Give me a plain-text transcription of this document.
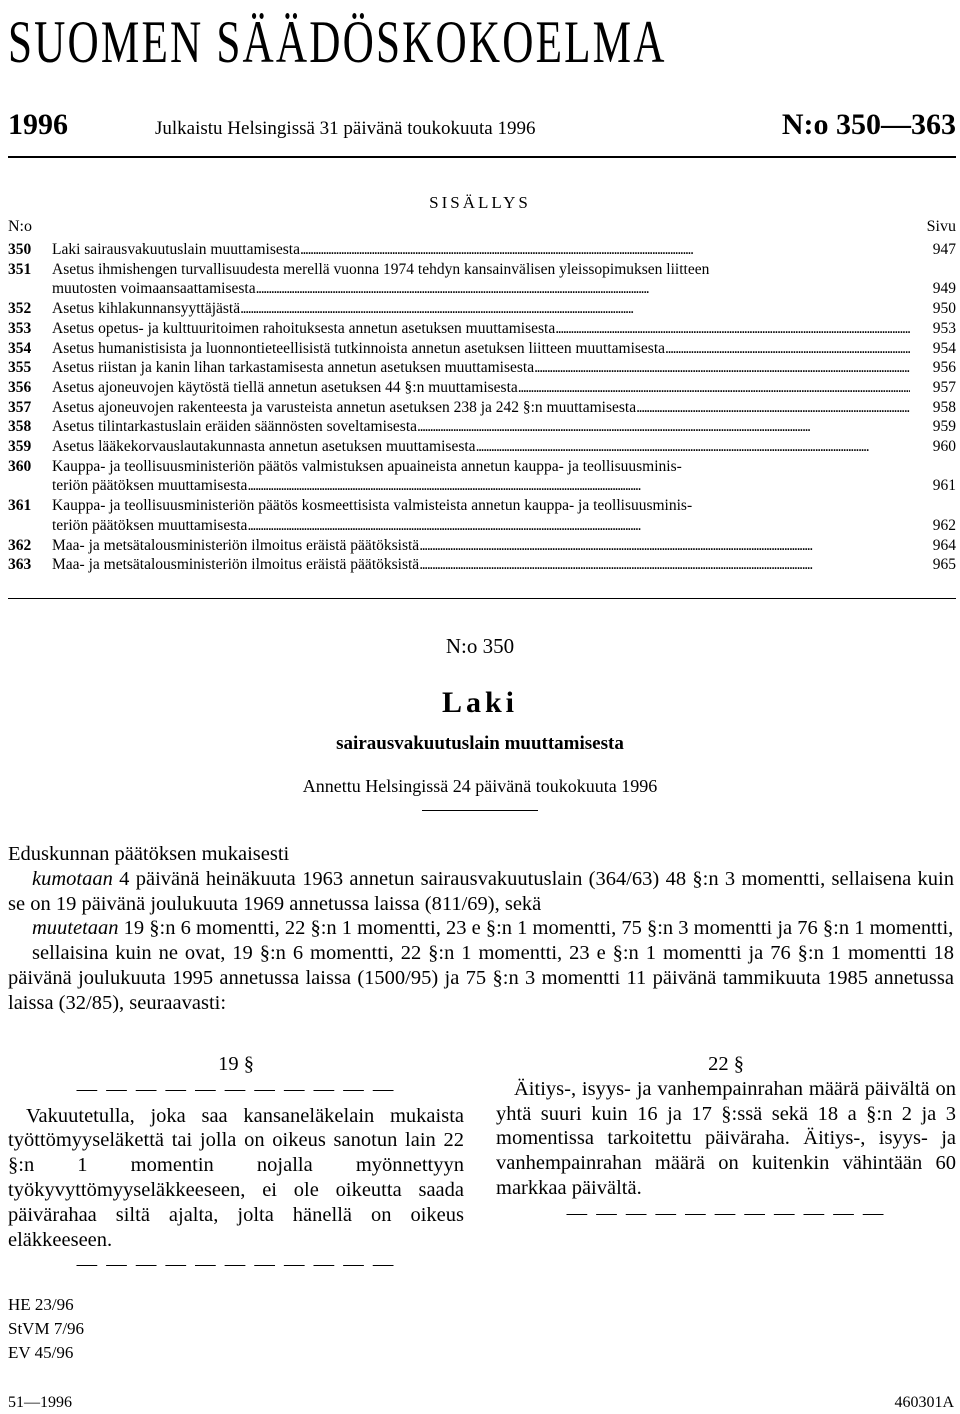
SUOMEN SÄÄDÖSKOKOELMA
1996	Julkaistu Helsingissä 31 päivänä toukokuuta 1996	N:o 350—363
SISÄLLYS
N:o	Sivu
350 Laki sairausvakuutuslain muuttamisesta . . .	947
351 Asetus ihmishengen turvallisuudesta merellä vuonna 1974 tehdyn kansainvälisen yleissopimuksen liitteen
muutosten voimaansaattamisesta . . .	949
352 Asetus kihlakunnansyyttäjästä . . .	950
353 Asetus opetus- ja kulttuuritoimen rahoituksesta annetun asetuksen muuttamisesta . . .	953
354 Asetus humanistisista ja luonnontieteellisistä tutkinnoista annetun asetuksen liitteen muuttamisesta . . .	954
355 Asetus riistan ja kanin lihan tarkastamisesta annetun asetuksen muuttamisesta . . .	956
356 Asetus ajoneuvojen käytöstä tiellä annetun asetuksen 44 §:n muuttamisesta . . .	957
357 Asetus ajoneuvojen rakenteesta ja varusteista annetun asetuksen 238 ja 242 §:n muuttamisesta . . .	958
358 Asetus tilintarkastuslain eräiden säännösten soveltamisesta . . .	959
359 Asetus lääkekorvauslautakunnasta annetun asetuksen muuttamisesta . . .	960
360 Kauppa- ja teollisuusministeriön päätös valmistuksen apuaineista annetun kauppa- ja teollisuusminis-
teriön päätöksen muuttamisesta . . .	961
361 Kauppa- ja teollisuusministeriön päätös kosmeettisista valmisteista annetun kauppa- ja teollisuusminis-
teriön päätöksen muuttamisesta . . .	962
362 Maa- ja metsätalousministeriön ilmoitus eräistä päätöksistä . . .	964
363 Maa- ja metsätalousministeriön ilmoitus eräistä päätöksistä . . .	965
N:o 350
Laki
sairausvakuutuslain muuttamisesta
Annettu Helsingissä 24 päivänä toukokuuta 1996

Eduskunnan päätöksen mukaisesti

kumotaan 4 päivänä heinäkuuta 1963 annetun sairausvakuutuslain (364/63) 48 §:n 3 momentti, sellaisena kuin se on 19 päivänä joulukuuta 1969 annetussa laissa (811/69), sekä

muutetaan 19 §:n 6 momentti, 22 §:n 1 momentti, 23 e §:n 1 momentti, 75 §:n 3 momentti ja 76 §:n 1 momentti,

sellaisina kuin ne ovat, 19 §:n 6 momentti, 22 §:n 1 momentti, 23 e §:n 1 momentti ja 76 §:n 1 momentti 18 päivänä joulukuuta 1995 annetussa laissa (1500/95) ja 75 §:n 3 momentti 11 päivänä tammikuuta 1985 annetussa laissa (32/85), seuraavasti:

19 §
— — — — — — — — — — —

Vakuutetulla, joka saa kansaneläkelain mukaista työttömyyseläkettä tai jolla on oikeus sanotun lain 22 §:n 1 momentin nojalla myönnettyyn työkyvyttömyyseläkkeeseen, ei ole oikeutta saada päivärahaa siltä ajalta, jolta hänellä on oikeus eläkkeeseen.

— — — — — — — — — — —
22 §

Äitiys-, isyys- ja vanhempainrahan määrä päivältä on yhtä suuri kuin 16 ja 17 §:ssä sekä 18 a §:n 2 ja 3 momentissa tarkoitettu päiväraha. Äitiys-, isyys- ja vanhempainrahan määrä on kuitenkin vähintään 60 markkaa päivältä.

— — — — — — — — — — —
HE 23/96
StVM 7/96
EV 45/96
51—1996	460301A
